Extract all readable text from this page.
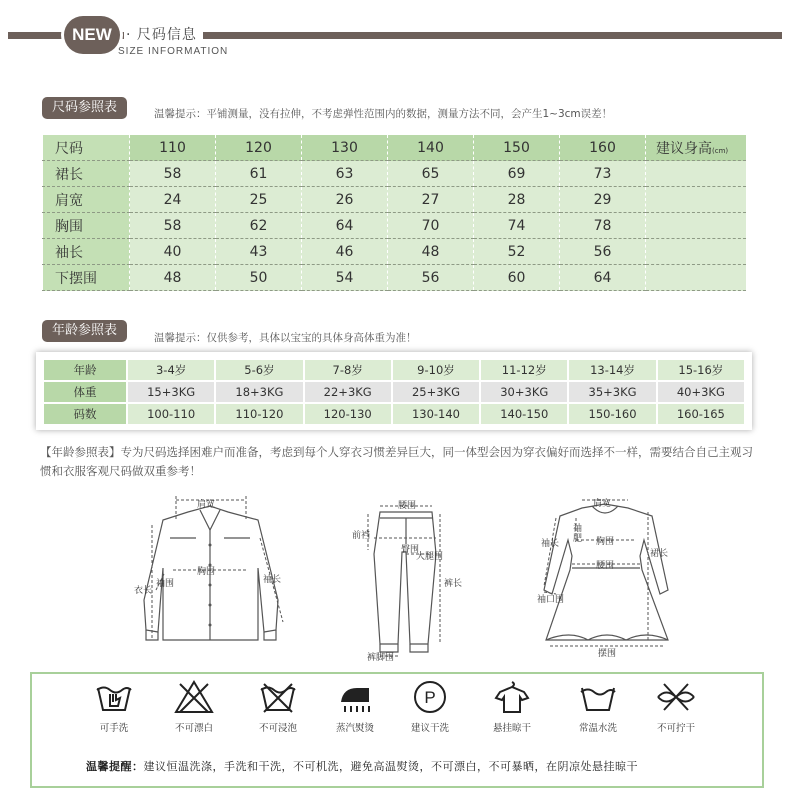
NEW	· 尺码信息
SIZE INFORMATION
尺码参照表	温馨提示：平铺测量，没有拉伸，不考虑弹性范围内的数据，测量方法不同，会产生1~3cm误差！
尺码	110	120	130	140	150	160	建议身高(cm)
裙长	58	61	63	65	69	73	
肩宽	24	25	26	27	28	29	
胸围	58	62	64	70	74	78	
袖长	40	43	46	48	52	56	
下摆围	48	50	54	56	60	64	
年龄参照表	温馨提示：仅供参考，具体以宝宝的具体身高体重为准！
年龄	3-4岁	5-6岁	7-8岁	9-10岁	11-12岁	13-14岁	15-16岁
体重	15+3KG	18+3KG	22+3KG	25+3KG	30+3KG	35+3KG	40+3KG
码数	100-110	110-120	120-130	130-140	140-150	150-160	160-165
【年龄参照表】专为尺码选择困难户而准备，考虑到每个人穿衣习惯差异巨大，同一体型会因为穿衣偏好而选择不一样，需要结合自己主观习惯和衣服客观尺码做双重参考！
肩宽
衣长
胸围
袖围	袖长
腰围
前裆
臀围
大腿围
裤长
裤脚围
肩宽
袖肥
袖长	胸围
腰围
裙长
袖口围
摆围
可手洗	不可漂白	不可浸泡	蒸汽熨烫
P
建议干洗	悬挂晾干	常温水洗	不可拧干
温馨提醒：建议恒温洗涤，手洗和干洗，不可机洗，避免高温熨烫，不可漂白，不可暴晒，在阴凉处悬挂晾干
